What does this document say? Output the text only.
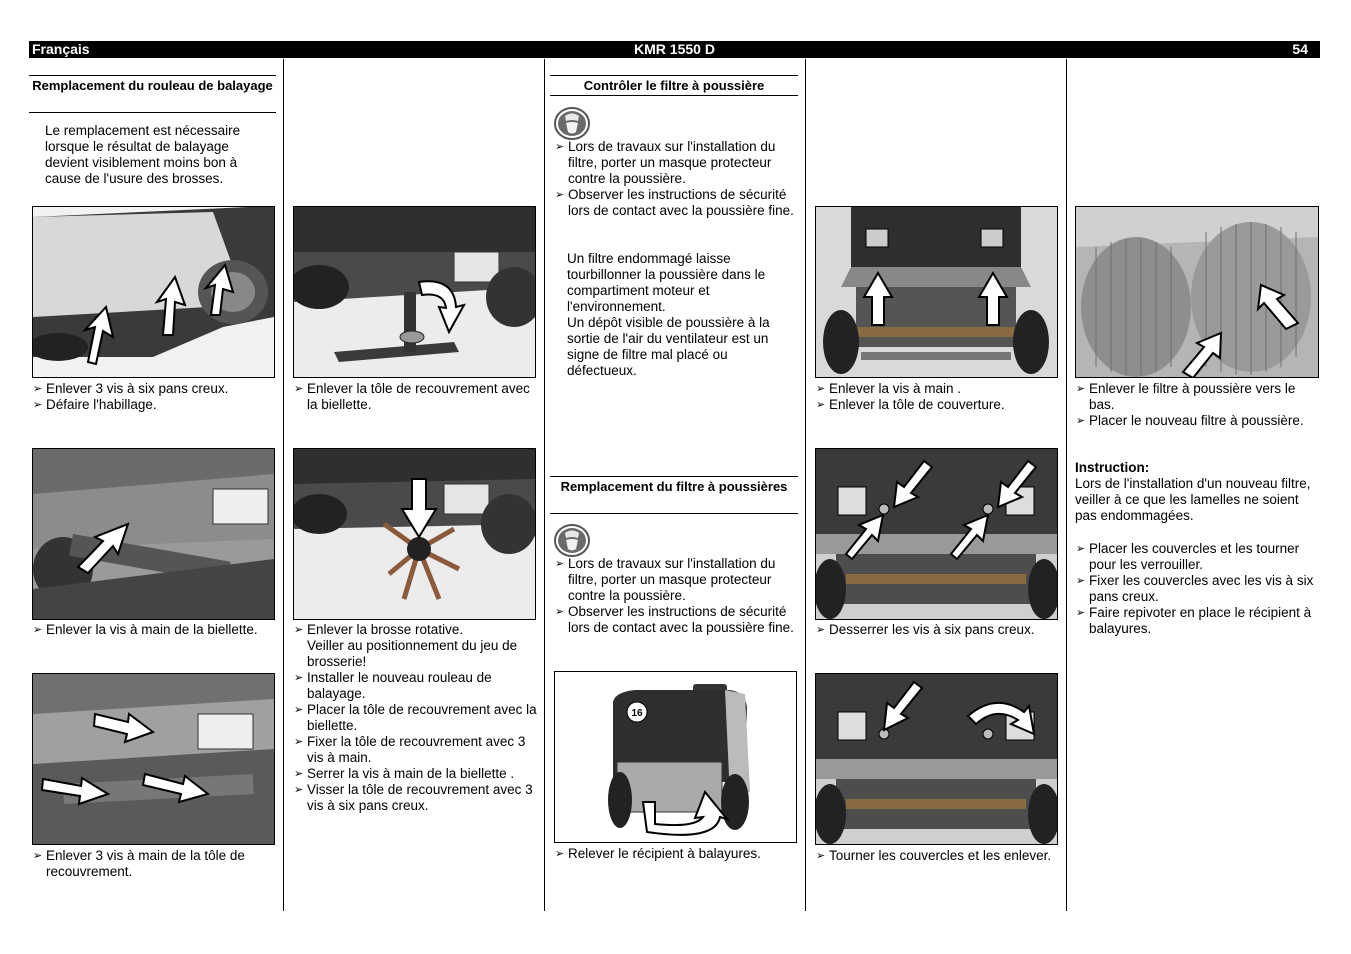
Français	KMR 1550 D	54
Remplacement du rouleau de balayage
Le remplacement est nécessaire lorsque le résultat de balayage devient visiblement moins bon à cause de l'usure des brosses.
➢ Enlever 3 vis à six pans creux.
➢ Défaire l'habillage.
➢ Enlever la vis à main de la biellette.
➢ Enlever 3 vis à main de la tôle de recouvrement.
➢ Enlever la tôle de recouvrement avec la biellette.
➢ Enlever la brosse rotative.
Veiller au positionnement du jeu de brosserie!
➢ Installer le nouveau rouleau de balayage.
➢ Placer la tôle de recouvrement avec la biellette.
➢ Fixer la tôle de recouvrement avec 3 vis à main.
➢ Serrer la vis à main de la biellette .
➢ Visser la tôle de recouvrement avec 3 vis à six pans creux.
Contrôler le filtre à poussière
➢ Lors de travaux sur l'installation du filtre, porter un masque protecteur contre la poussière.
➢ Observer les instructions de sécurité lors de contact avec la poussière fine.

Un filtre endommagé laisse tourbillonner la poussière dans le compartiment moteur et l'environnement.

Un dépôt visible de poussière à la sortie de l'air du ventilateur est un signe de filtre mal placé ou défectueux.

Remplacement du filtre à poussières
➢ Lors de travaux sur l'installation du filtre, porter un masque protecteur contre la poussière.
➢ Observer les instructions de sécurité lors de contact avec la poussière fine.
16
➢ Relever le récipient à balayures.
➢ Enlever la vis à main .
➢ Enlever la tôle de couverture.
➢ Desserrer les vis à six pans creux.
➢ Tourner les couvercles et les enlever.
➢ Enlever le filtre à poussière vers le bas.
➢ Placer le nouveau filtre à poussière.

Instruction:

Lors de l'installation d'un nouveau filtre, veiller à ce que les lamelles ne soient pas endommagées.

➢ Placer les couvercles et les tourner pour les verrouiller.
➢ Fixer les couvercles avec les vis à six pans creux.
➢ Faire repivoter en place le récipient à balayures.
